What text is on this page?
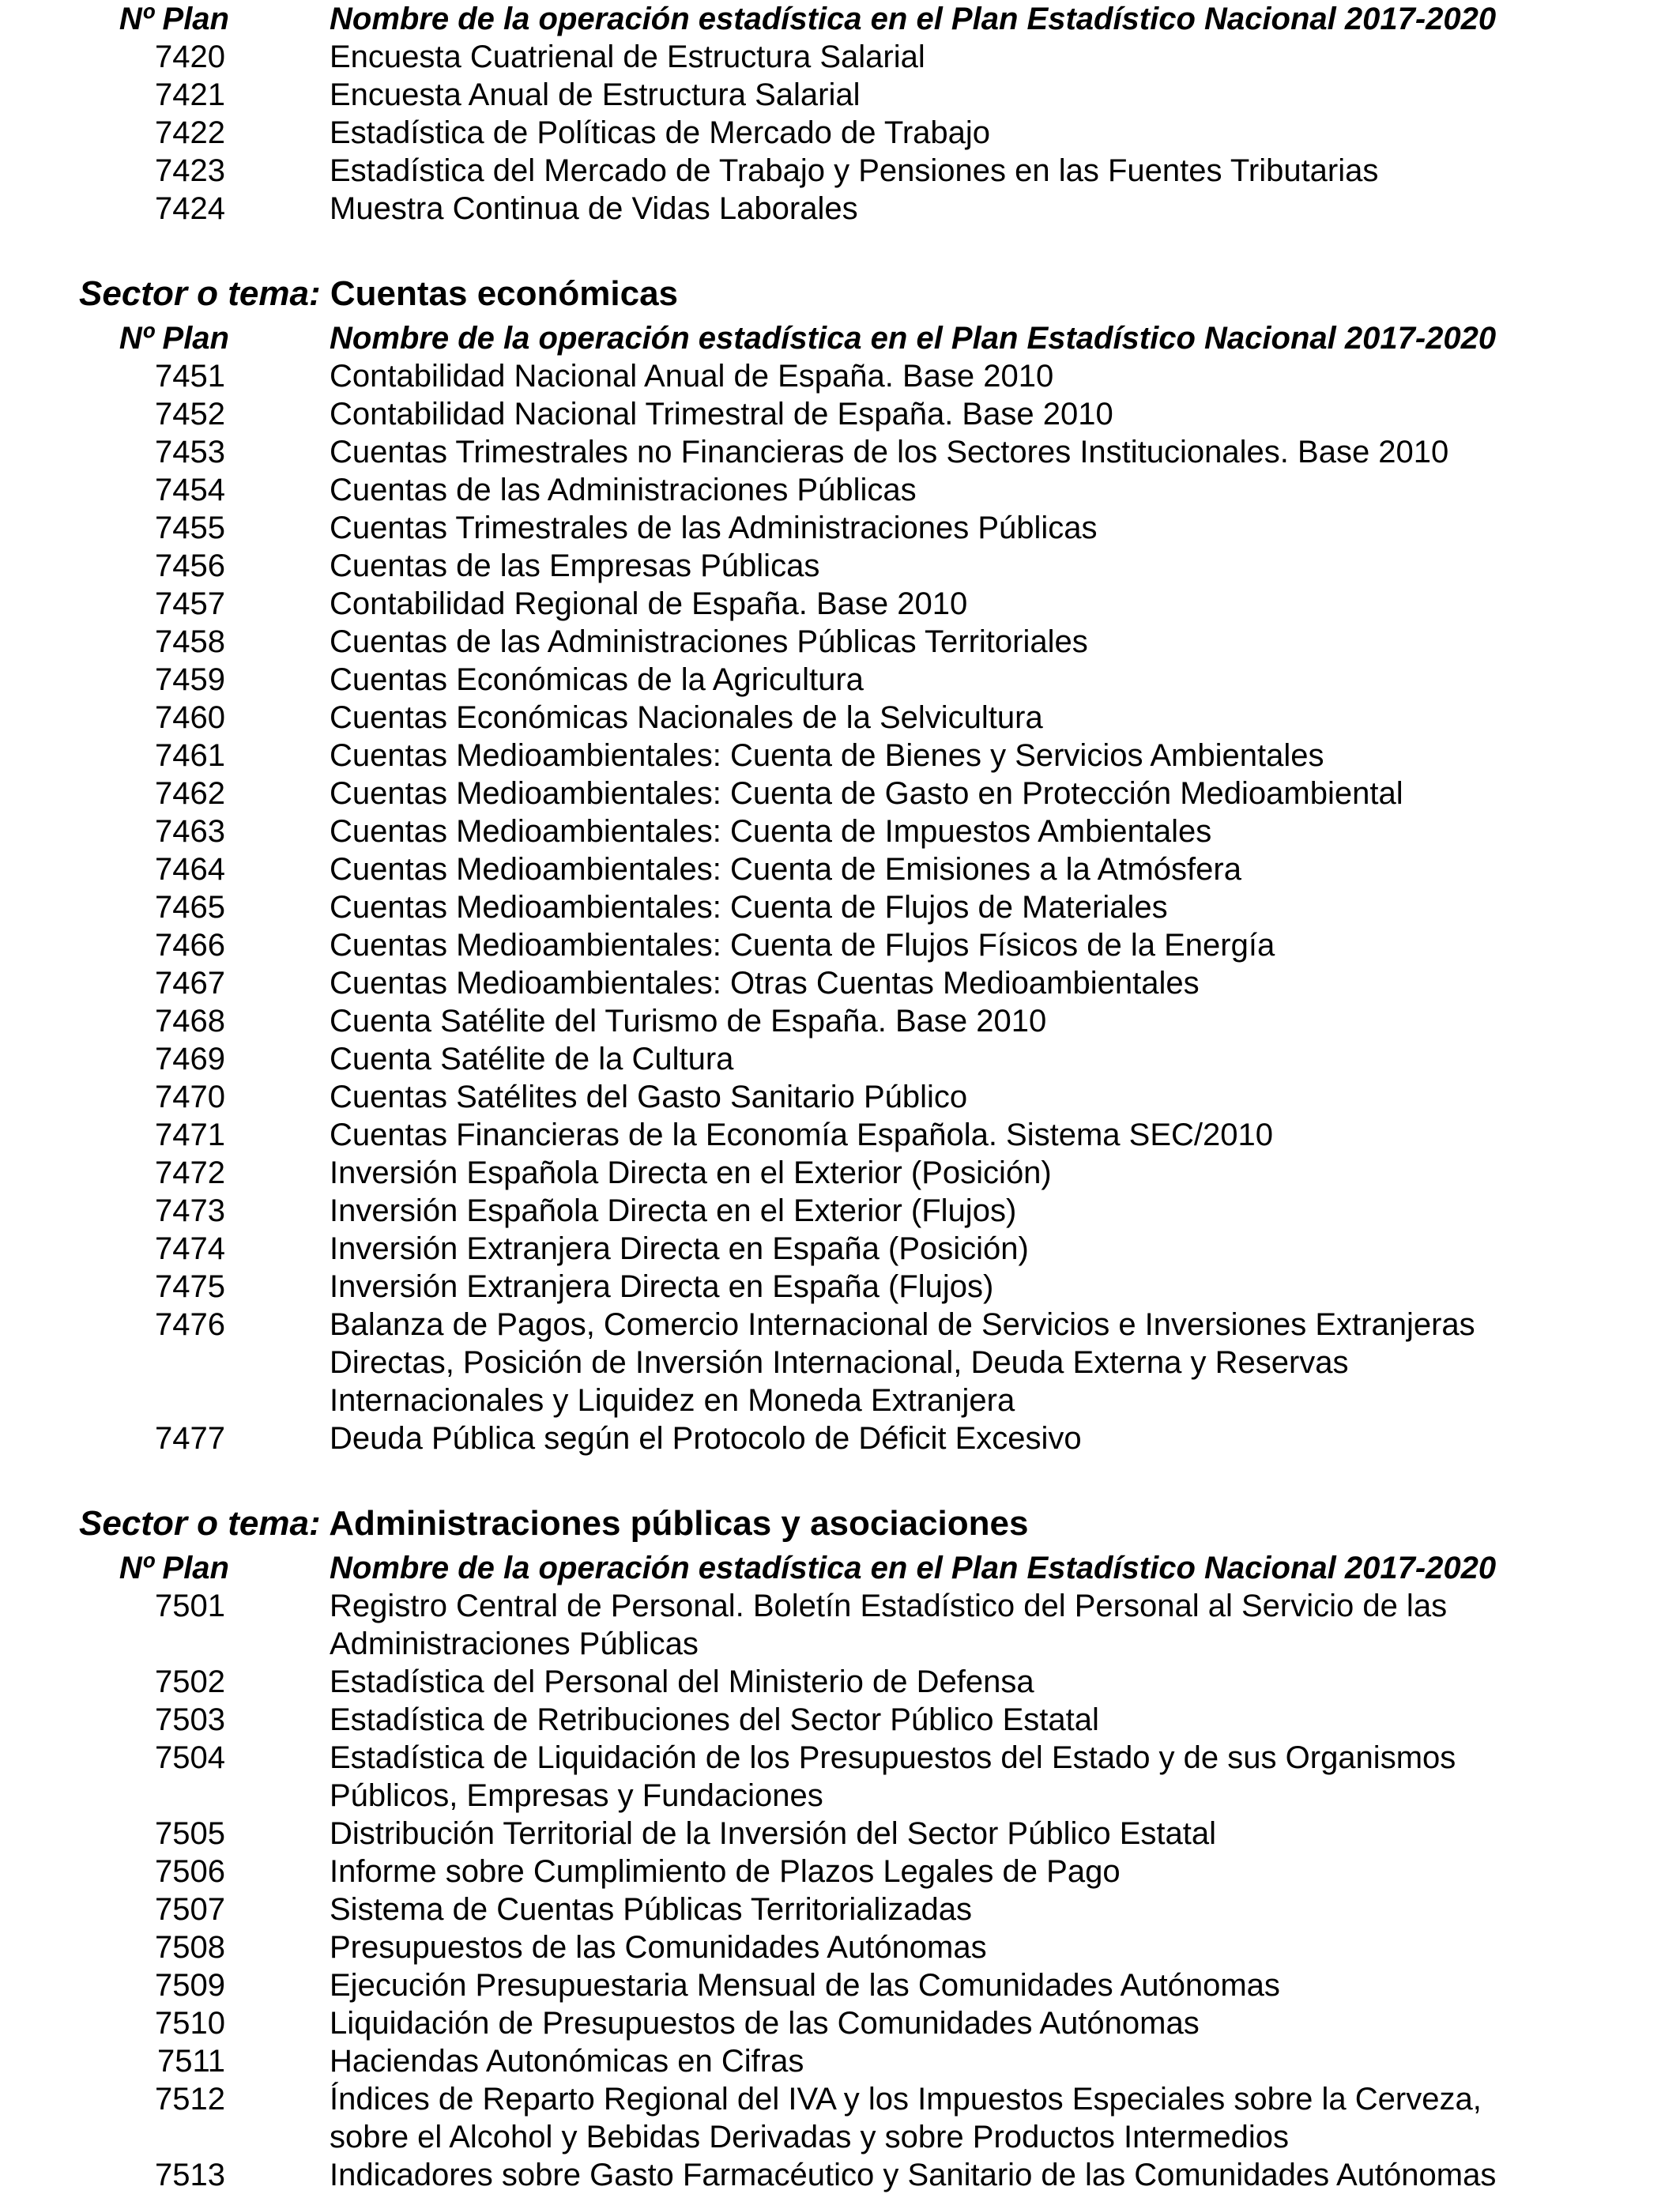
Nº Plan	Nombre de la operación estadística en el Plan Estadístico Nacional 2017-2020
7420	Encuesta Cuatrienal de Estructura Salarial
7421	Encuesta Anual de Estructura Salarial
7422	Estadística de Políticas de Mercado de Trabajo
7423	Estadística del Mercado de Trabajo y Pensiones en las Fuentes Tributarias
7424	Muestra Continua de Vidas Laborales
Sector o tema: Cuentas económicas
Nº Plan	Nombre de la operación estadística en el Plan Estadístico Nacional 2017-2020
7451	Contabilidad Nacional Anual de España. Base 2010
7452	Contabilidad Nacional Trimestral de España. Base 2010
7453	Cuentas Trimestrales no Financieras de los Sectores Institucionales. Base 2010
7454	Cuentas de las Administraciones Públicas
7455	Cuentas Trimestrales de las Administraciones Públicas
7456	Cuentas de las Empresas Públicas
7457	Contabilidad Regional de España. Base 2010
7458	Cuentas de las Administraciones Públicas Territoriales
7459	Cuentas Económicas de la Agricultura
7460	Cuentas Económicas Nacionales de la Selvicultura
7461	Cuentas Medioambientales: Cuenta de Bienes y Servicios Ambientales
7462	Cuentas Medioambientales: Cuenta de Gasto en Protección Medioambiental
7463	Cuentas Medioambientales: Cuenta de Impuestos Ambientales
7464	Cuentas Medioambientales: Cuenta de Emisiones a la Atmósfera
7465	Cuentas Medioambientales: Cuenta de Flujos de Materiales
7466	Cuentas Medioambientales: Cuenta de Flujos Físicos de la Energía
7467	Cuentas Medioambientales: Otras Cuentas Medioambientales
7468	Cuenta Satélite del Turismo de España. Base 2010
7469	Cuenta Satélite de la Cultura
7470	Cuentas Satélites del Gasto Sanitario Público
7471	Cuentas Financieras de la Economía Española. Sistema SEC/2010
7472	Inversión Española Directa en el Exterior (Posición)
7473	Inversión Española Directa en el Exterior (Flujos)
7474	Inversión Extranjera Directa en España (Posición)
7475	Inversión Extranjera Directa en España (Flujos)
7476	Balanza de Pagos, Comercio Internacional de Servicios e Inversiones Extranjeras
Directas, Posición de Inversión Internacional, Deuda Externa y Reservas
Internacionales y Liquidez en Moneda Extranjera
7477	Deuda Pública según el Protocolo de Déficit Excesivo
Sector o tema: Administraciones públicas y asociaciones
Nº Plan	Nombre de la operación estadística en el Plan Estadístico Nacional 2017-2020
7501	Registro Central de Personal. Boletín Estadístico del Personal al Servicio de las
Administraciones Públicas
7502	Estadística del Personal del Ministerio de Defensa
7503	Estadística de Retribuciones del Sector Público Estatal
7504	Estadística de Liquidación de los Presupuestos del Estado y de sus Organismos
Públicos, Empresas y Fundaciones
7505	Distribución Territorial de la Inversión del Sector Público Estatal
7506	Informe sobre Cumplimiento de Plazos Legales de Pago
7507	Sistema de Cuentas Públicas Territorializadas
7508	Presupuestos de las Comunidades Autónomas
7509	Ejecución Presupuestaria Mensual de las Comunidades Autónomas
7510	Liquidación de Presupuestos de las Comunidades Autónomas
7511	Haciendas Autonómicas en Cifras
7512	Índices de Reparto Regional del IVA y los Impuestos Especiales sobre la Cerveza,
sobre el Alcohol y Bebidas Derivadas y sobre Productos Intermedios
7513	Indicadores sobre Gasto Farmacéutico y Sanitario de las Comunidades Autónomas
